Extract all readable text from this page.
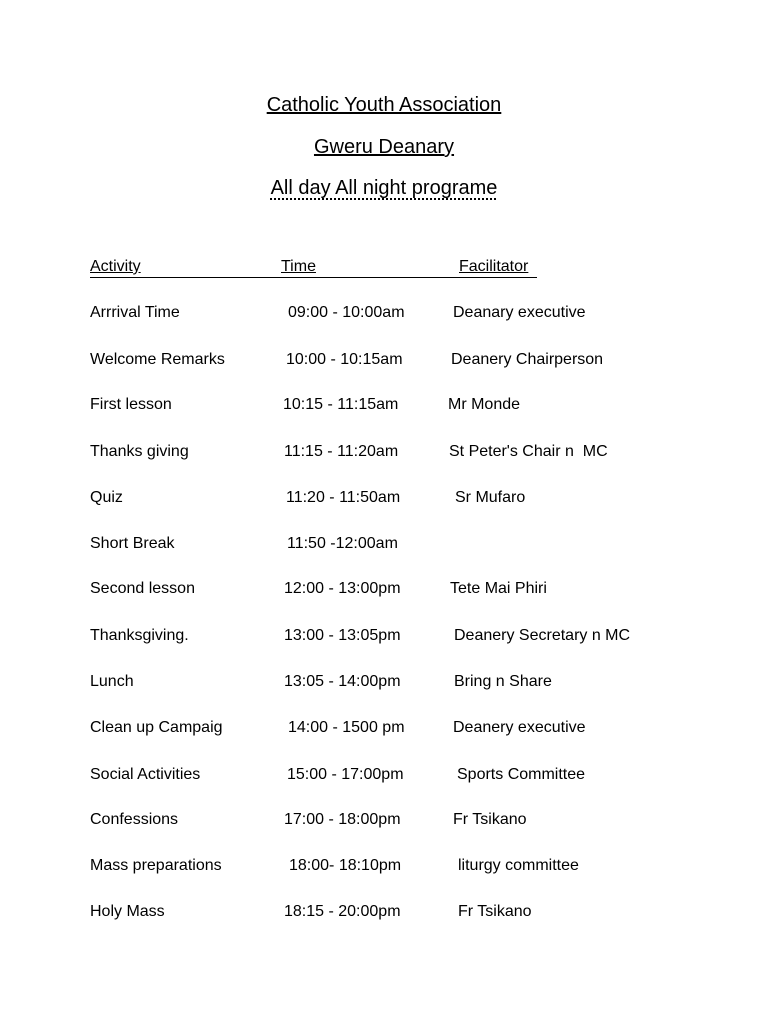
Catholic Youth Association
Gweru Deanary
All day All night programe
Activity	Time	Facilitator
Arrrival Time	09:00 - 10:00am	Deanary executive
Welcome Remarks	10:00 - 10:15am	Deanery Chairperson
First lesson	10:15 - 11:15am	Mr Monde
Thanks giving	11:15 - 11:20am	St Peter's Chair n  MC
Quiz	11:20 - 11:50am	Sr Mufaro
Short Break	11:50 -12:00am
Second lesson	12:00 - 13:00pm	Tete Mai Phiri
Thanksgiving.	13:00 - 13:05pm	Deanery Secretary n MC
Lunch	13:05 - 14:00pm	Bring n Share
Clean up Campaig	14:00 - 1500 pm	Deanery executive
Social Activities	15:00 - 17:00pm	Sports Committee
Confessions	17:00 - 18:00pm	Fr Tsikano
Mass preparations	18:00- 18:10pm	liturgy committee
Holy Mass	18:15 - 20:00pm	Fr Tsikano
